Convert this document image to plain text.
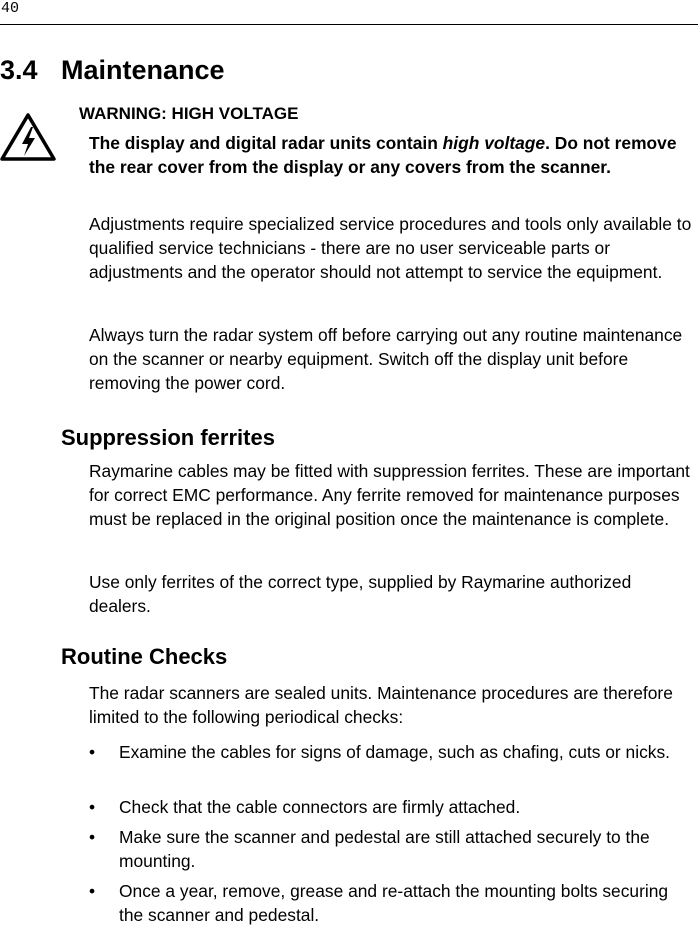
40
3.4 Maintenance
WARNING: HIGH VOLTAGE

The display and digital radar units contain high voltage. Do not remove the rear cover from the display or any covers from the scanner.

Adjustments require specialized service procedures and tools only available to qualified service technicians - there are no user serviceable parts or adjustments and the operator should not attempt to service the equipment.

Always turn the radar system off before carrying out any routine maintenance on the scanner or nearby equipment. Switch off the display unit before removing the power cord.

Suppression ferrites

Raymarine cables may be fitted with suppression ferrites. These are important for correct EMC performance. Any ferrite removed for maintenance purposes must be replaced in the original position once the maintenance is complete.

Use only ferrites of the correct type, supplied by Raymarine authorized dealers.

Routine Checks

The radar scanners are sealed units. Maintenance procedures are therefore limited to the following periodical checks:

• Examine the cables for signs of damage, such as chafing, cuts or nicks.
• Check that the cable connectors are firmly attached.
• Make sure the scanner and pedestal are still attached securely to the mounting.
• Once a year, remove, grease and re-attach the mounting bolts securing the scanner and pedestal.
